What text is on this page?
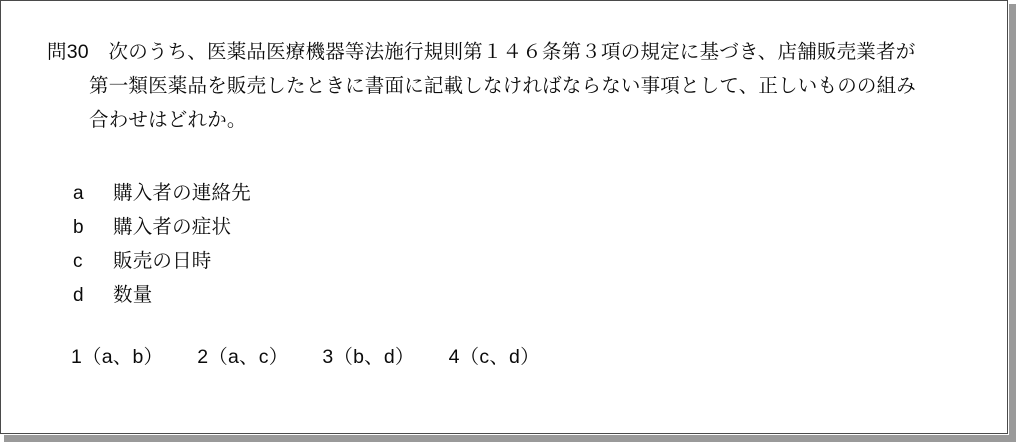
問30　次のうち、医薬品医療機器等法施行規則第１４６条第３項の規定に基づき、店舗販売業者が
第一類医薬品を販売したときに書面に記載しなければならない事項として、正しいものの組み
合わせはどれか。
a	購入者の連絡先
b	購入者の症状
c	販売の日時
d	数量
1（a、b） 2（a、c） 3（b、d） 4（c、d）
